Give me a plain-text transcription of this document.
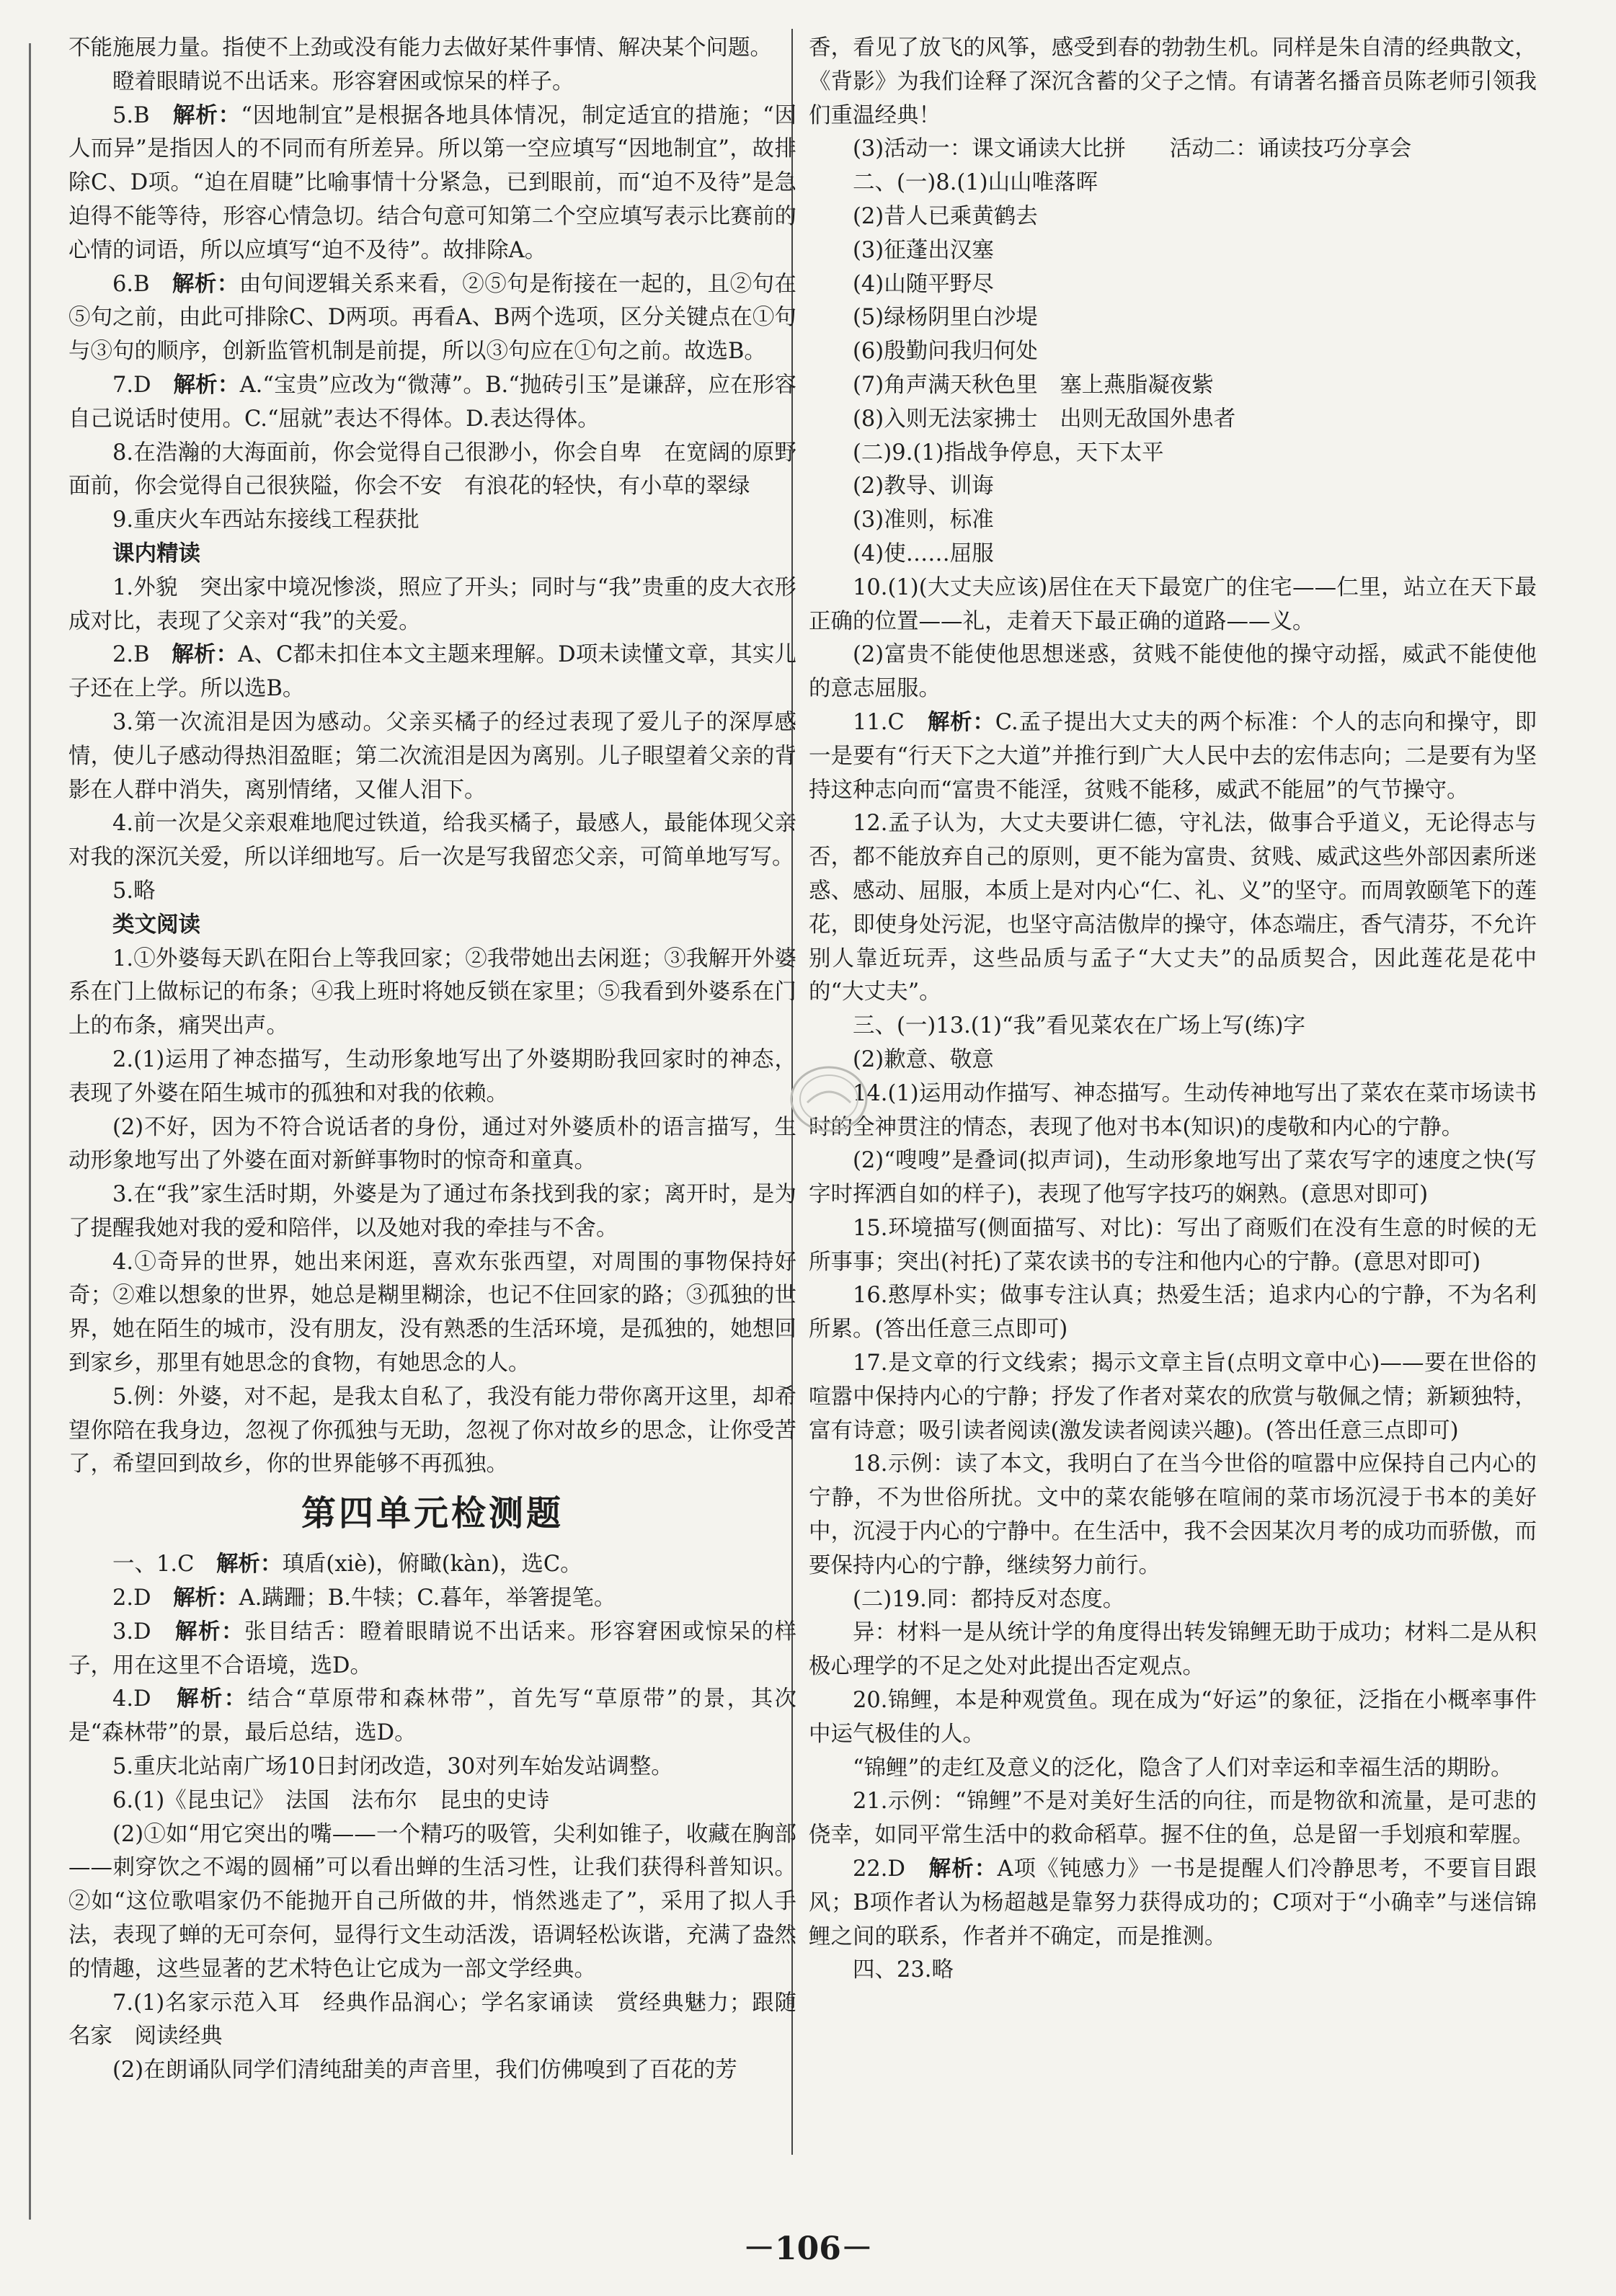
不能施展力量。指使不上劲或没有能力去做好某件事情、解决某个问题。

瞪着眼睛说不出话来。形容窘困或惊呆的样子。

5.B　 解析：“因地制宜”是根据各地具体情况，制定适宜的措施；“因人而异”是指因人的不同而有所差异。所以第一空应填写“因地制宜”，故排除C、D项。“迫在眉睫”比喻事情十分紧急，已到眼前，而“迫不及待”是急迫得不能等待，形容心情急切。结合句意可知第二个空应填写表示比赛前的心情的词语，所以应填写“迫不及待”。故排除A。

6.B　 解析：由句间逻辑关系来看，②⑤句是衔接在一起的，且②句在⑤句之前，由此可排除C、D两项。再看A、B两个选项，区分关键点在①句与③句的顺序，创新监管机制是前提，所以③句应在①句之前。故选B。

7.D　 解析：A.“宝贵”应改为“微薄”。B.“抛砖引玉”是谦辞，应在形容自己说话时使用。C.“屈就”表达不得体。D.表达得体。

8.在浩瀚的大海面前，你会觉得自己很渺小，你会自卑　在宽阔的原野面前，你会觉得自己很狭隘，你会不安　有浪花的轻快，有小草的翠绿

9.重庆火车西站东接线工程获批

课内精读

1.外貌　突出家中境况惨淡，照应了开头；同时与“我”贵重的皮大衣形成对比，表现了父亲对“我”的关爱。

2.B　 解析：A、C都未扣住本文主题来理解。D项未读懂文章，其实儿子还在上学。所以选B。

3.第一次流泪是因为感动。父亲买橘子的经过表现了爱儿子的深厚感情，使儿子感动得热泪盈眶；第二次流泪是因为离别。儿子眼望着父亲的背影在人群中消失，离别情绪，又催人泪下。

4.前一次是父亲艰难地爬过铁道，给我买橘子，最感人，最能体现父亲对我的深沉关爱，所以详细地写。后一次是写我留恋父亲，可简单地写写。

5.略

类文阅读

1.①外婆每天趴在阳台上等我回家；②我带她出去闲逛；③我解开外婆系在门上做标记的布条；④我上班时将她反锁在家里；⑤我看到外婆系在门上的布条，痛哭出声。

2.(1)运用了神态描写，生动形象地写出了外婆期盼我回家时的神态，表现了外婆在陌生城市的孤独和对我的依赖。

(2)不好，因为不符合说话者的身份，通过对外婆质朴的语言描写，生动形象地写出了外婆在面对新鲜事物时的惊奇和童真。

3.在“我”家生活时期，外婆是为了通过布条找到我的家；离开时，是为了提醒我她对我的爱和陪伴，以及她对我的牵挂与不舍。

4.①奇异的世界，她出来闲逛，喜欢东张西望，对周围的事物保持好奇；②难以想象的世界，她总是糊里糊涂，也记不住回家的路；③孤独的世界，她在陌生的城市，没有朋友，没有熟悉的生活环境，是孤独的，她想回到家乡，那里有她思念的食物，有她思念的人。

5.例：外婆，对不起，是我太自私了，我没有能力带你离开这里，却希望你陪在我身边，忽视了你孤独与无助，忽视了你对故乡的思念，让你受苦了，希望回到故乡，你的世界能够不再孤独。

第四单元检测题

一、1.C　 解析：瑱盾(xiè)，俯瞰(kàn)，选C。

2.D　 解析：A.蹒跚；B.牛犊；C.暮年，举箸提笔。

3.D　 解析：张目结舌：瞪着眼睛说不出话来。形容窘困或惊呆的样子，用在这里不合语境，选D。

4.D　 解析：结合“草原带和森林带”，首先写“草原带”的景，其次是“森林带”的景，最后总结，选D。

5.重庆北站南广场10日封闭改造，30对列车始发站调整。

6.(1)《昆虫记》　法国　法布尔　昆虫的史诗

(2)①如“用它突出的嘴——一个精巧的吸管，尖利如锥子，收藏在胸部——刺穿饮之不竭的圆桶”可以看出蝉的生活习性，让我们获得科普知识。②如“这位歌唱家仍不能抛开自己所做的井，悄然逃走了”，采用了拟人手法，表现了蝉的无可奈何，显得行文生动活泼，语调轻松诙谐，充满了盎然的情趣，这些显著的艺术特色让它成为一部文学经典。

7.(1)名家示范入耳　经典作品润心；学名家诵读　赏经典魅力；跟随名家　阅读经典

(2)在朗诵队同学们清纯甜美的声音里，我们仿佛嗅到了百花的芳

香，看见了放飞的风筝，感受到春的勃勃生机。同样是朱自清的经典散文，《背影》为我们诠释了深沉含蓄的父子之情。有请著名播音员陈老师引领我们重温经典！

(3)活动一：课文诵读大比拼　　活动二：诵读技巧分享会

二、(一)8.(1)山山唯落晖

(2)昔人已乘黄鹤去

(3)征蓬出汉塞

(4)山随平野尽

(5)绿杨阴里白沙堤

(6)殷勤问我归何处

(7)角声满天秋色里　塞上燕脂凝夜紫

(8)入则无法家拂士　出则无敌国外患者

(二)9.(1)指战争停息，天下太平

(2)教导、训诲

(3)准则，标准

(4)使……屈服

10.(1)(大丈夫应该)居住在天下最宽广的住宅——仁里，站立在天下最正确的位置——礼，走着天下最正确的道路——义。

(2)富贵不能使他思想迷惑，贫贱不能使他的操守动摇，威武不能使他的意志屈服。

11.C　 解析：C.孟子提出大丈夫的两个标准：个人的志向和操守，即一是要有“行天下之大道”并推行到广大人民中去的宏伟志向；二是要有为坚持这种志向而“富贵不能淫，贫贱不能移，威武不能屈”的气节操守。

12.孟子认为，大丈夫要讲仁德，守礼法，做事合乎道义，无论得志与否，都不能放弃自己的原则，更不能为富贵、贫贱、威武这些外部因素所迷惑、感动、屈服，本质上是对内心“仁、礼、义”的坚守。而周敦颐笔下的莲花，即使身处污泥，也坚守高洁傲岸的操守，体态端庄，香气清芬，不允许别人靠近玩弄，这些品质与孟子“大丈夫”的品质契合，因此莲花是花中的“大丈夫”。

三、(一)13.(1)“我”看见菜农在广场上写(练)字

(2)歉意、敬意

14.(1)运用动作描写、神态描写。生动传神地写出了菜农在菜市场读书时的全神贯注的情态，表现了他对书本(知识)的虔敬和内心的宁静。

(2)“嗖嗖”是叠词(拟声词)，生动形象地写出了菜农写字的速度之快(写字时挥洒自如的样子)，表现了他写字技巧的娴熟。(意思对即可)

15.环境描写(侧面描写、对比)：写出了商贩们在没有生意的时候的无所事事；突出(衬托)了菜农读书的专注和他内心的宁静。(意思对即可)

16.憨厚朴实；做事专注认真；热爱生活；追求内心的宁静，不为名利所累。(答出任意三点即可)

17.是文章的行文线索；揭示文章主旨(点明文章中心)——要在世俗的喧嚣中保持内心的宁静；抒发了作者对菜农的欣赏与敬佩之情；新颖独特，富有诗意；吸引读者阅读(激发读者阅读兴趣)。(答出任意三点即可)

18.示例：读了本文，我明白了在当今世俗的喧嚣中应保持自己内心的宁静，不为世俗所扰。文中的菜农能够在喧闹的菜市场沉浸于书本的美好中，沉浸于内心的宁静中。在生活中，我不会因某次月考的成功而骄傲，而要保持内心的宁静，继续努力前行。

(二)19.同：都持反对态度。

异：材料一是从统计学的角度得出转发锦鲤无助于成功；材料二是从积极心理学的不足之处对此提出否定观点。

20.锦鲤，本是种观赏鱼。现在成为“好运”的象征，泛指在小概率事件中运气极佳的人。

“锦鲤”的走红及意义的泛化，隐含了人们对幸运和幸福生活的期盼。

21.示例：“锦鲤”不是对美好生活的向往，而是物欲和流量，是可悲的侥幸，如同平常生活中的救命稻草。握不住的鱼，总是留一手划痕和荤腥。

22.D　 解析：A项《钝感力》一书是提醒人们冷静思考，不要盲目跟风；B项作者认为杨超越是靠努力获得成功的；C项对于“小确幸”与迷信锦鲤之间的联系，作者并不确定，而是推测。

四、23.略

－106－
